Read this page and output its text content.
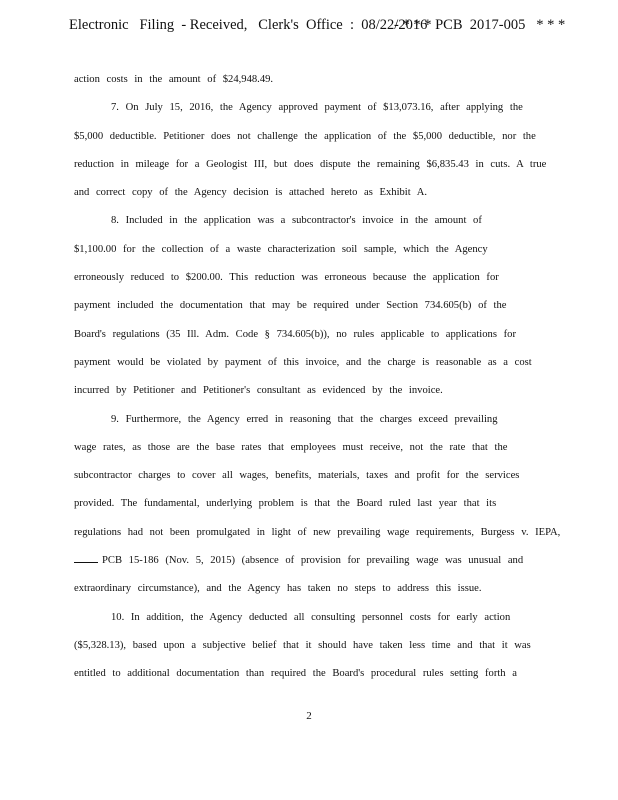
Electronic   Filing  - Received,   Clerk's  Office  :  08/22/2016

- * * * PCB  2017-005   * * *

action costs in the amount of $24,948.49.
7. On July 15, 2016, the Agency approved payment of $13,073.16, after applying the
$5,000 deductible. Petitioner does not challenge the application of the $5,000 deductible, nor the
reduction in mileage for a Geologist III, but does dispute the remaining $6,835.43 in cuts. A true
and correct copy of the Agency decision is attached hereto as Exhibit A.
8. Included in the application was a subcontractor's invoice in the amount of
$1,100.00 for the collection of a waste characterization soil sample, which the Agency
erroneously reduced to $200.00. This reduction was erroneous because the application for
payment included the documentation that may be required under Section 734.605(b) of the
Board's regulations (35 Ill. Adm. Code § 734.605(b)), no rules applicable to applications for
payment would be violated by payment of this invoice, and the charge is reasonable as a cost
incurred by Petitioner and Petitioner's consultant as evidenced by the invoice.
9. Furthermore, the Agency erred in reasoning that the charges exceed prevailing
wage rates, as those are the base rates that employees must receive, not the rate that the
subcontractor charges to cover all wages, benefits, materials, taxes and profit for the services
provided. The fundamental, underlying problem is that the Board ruled last year that its
regulations had not been promulgated in light of new prevailing wage requirements, Burgess v. IEPA,
PCB 15-186 (Nov. 5, 2015) (absence of provision for prevailing wage was unusual and
extraordinary circumstance), and the Agency has taken no steps to address this issue.
10. In addition, the Agency deducted all consulting personnel costs for early action
($5,328.13), based upon a subjective belief that it should have taken less time and that it was
entitled to additional documentation than required the Board's procedural rules setting forth a
2
